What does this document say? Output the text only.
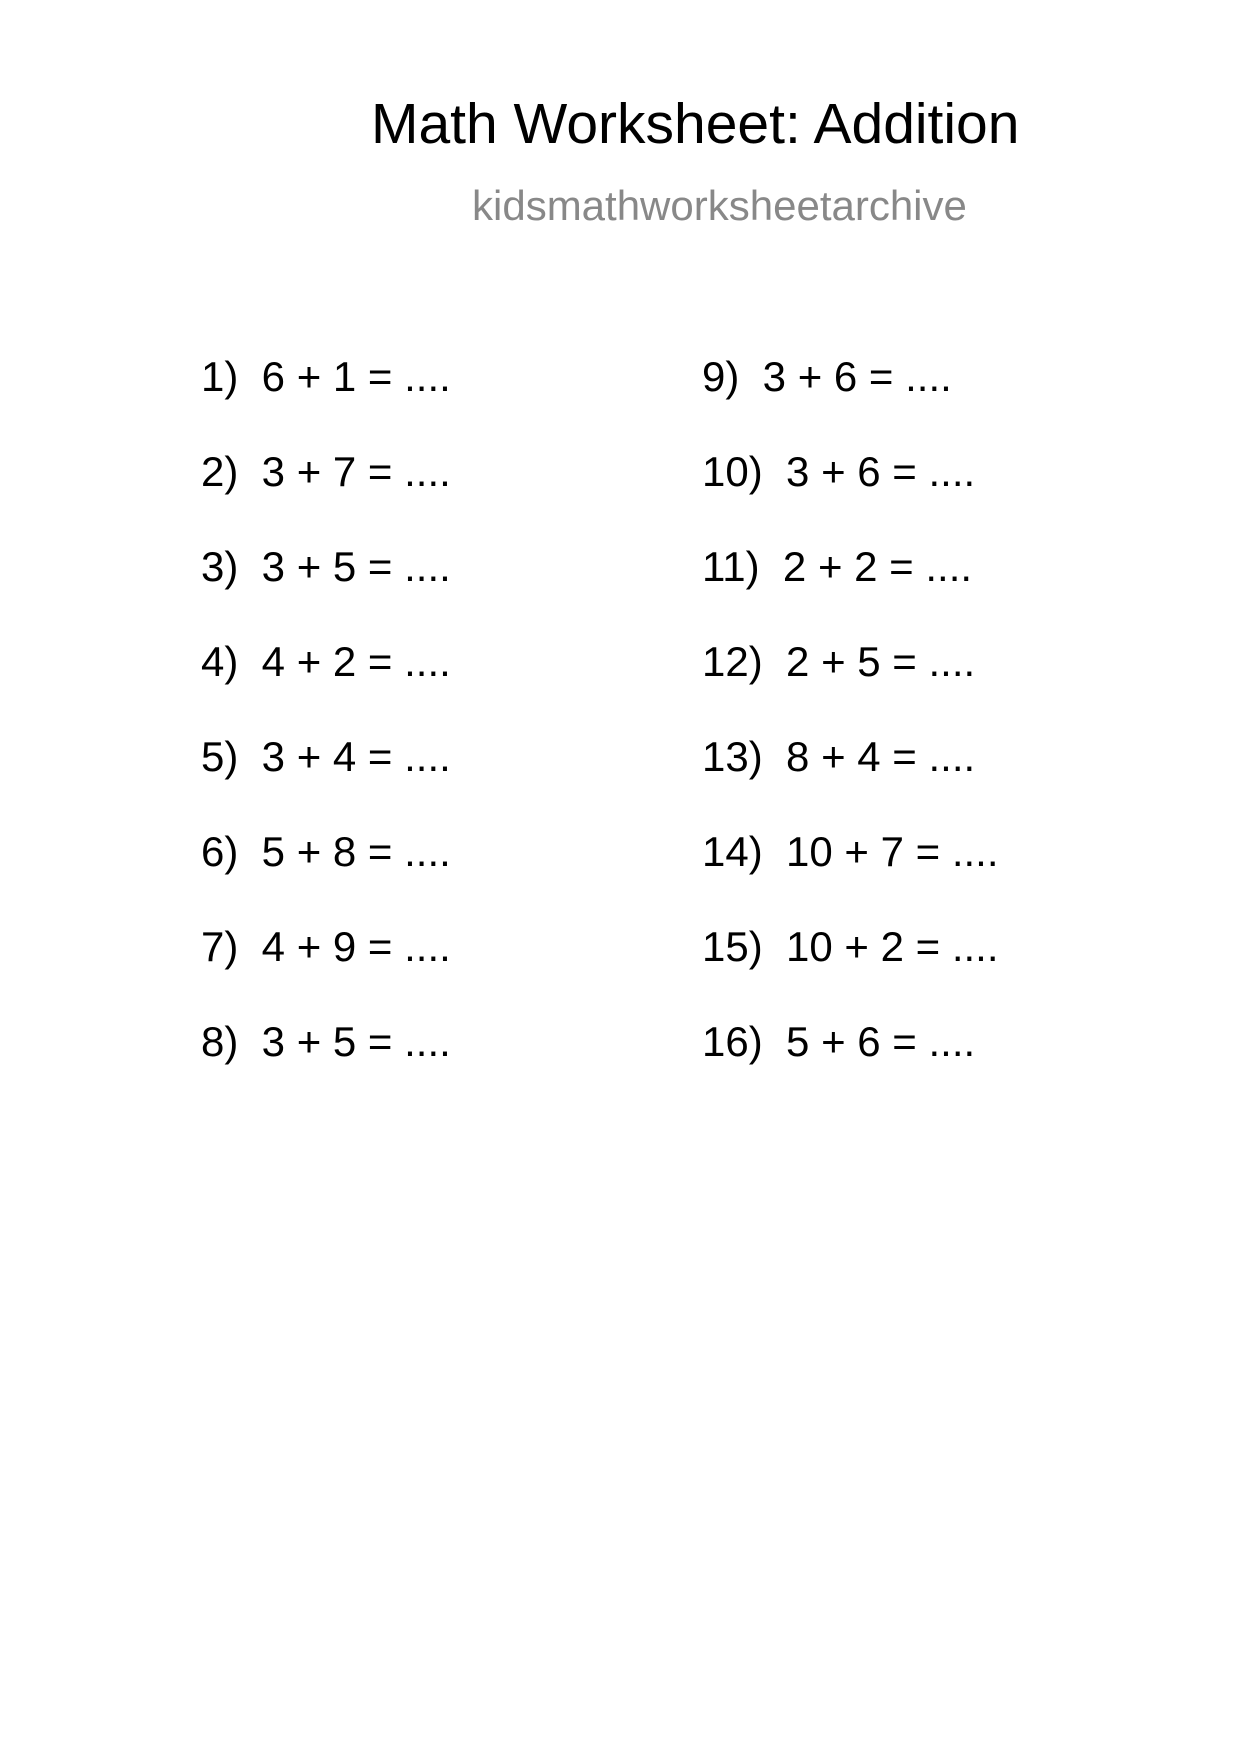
Math Worksheet: Addition
kidsmathworksheetarchive
1)  6 + 1 = ....
2)  3 + 7 = ....
3)  3 + 5 = ....
4)  4 + 2 = ....
5)  3 + 4 = ....
6)  5 + 8 = ....
7)  4 + 9 = ....
8)  3 + 5 = ....
9)  3 + 6 = ....
10)  3 + 6 = ....
11)  2 + 2 = ....
12)  2 + 5 = ....
13)  8 + 4 = ....
14)  10 + 7 = ....
15)  10 + 2 = ....
16)  5 + 6 = ....
